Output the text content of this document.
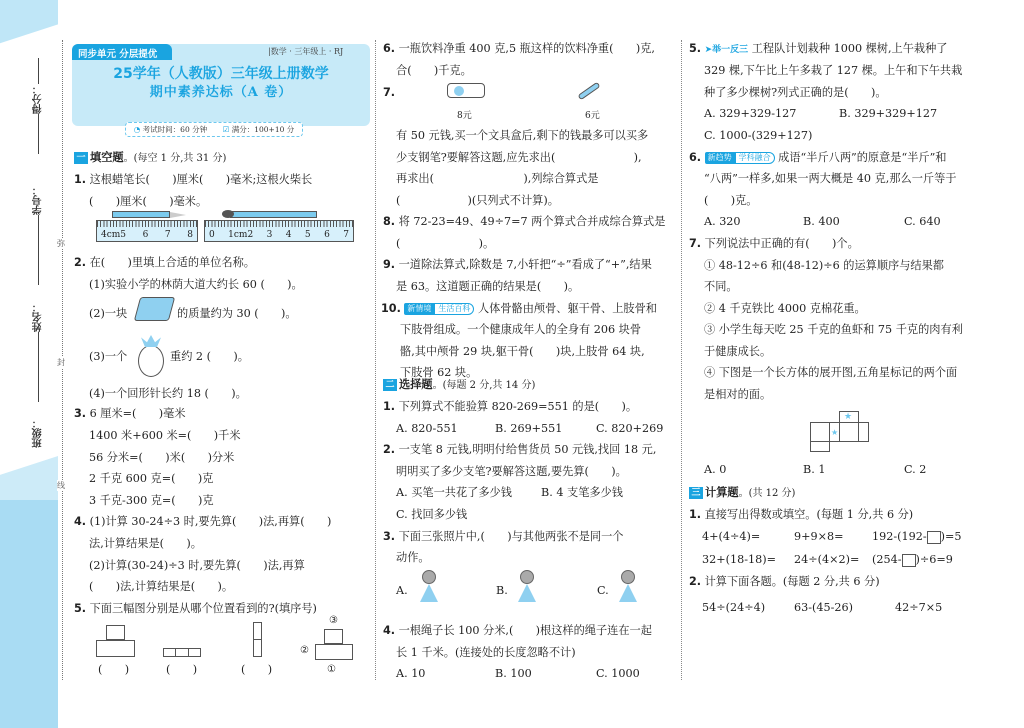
得分：
学号：
姓名：
班级：
弥
封
线
同步单元 分层提优	|数学 · 三年级上 · RJ
25学年（人教版）三年级上册数学
期中素养达标（A 卷）
◔ 考试时间：60 分钟 ☑ 满分：100+10 分
一 填空题。(每空 1 分,共 31 分)
1. 这根蜡笔长(　　)厘米(　　)毫米;这根火柴长
(　　)厘米(　　)毫米。
4cm5 6 7 8 0 1cm2 3 4 5 6 7
2. 在(　　)里填上合适的单位名称。
(1)实验小学的林荫大道大约长 60 (　　)。
(2)一块	的质量约为 30 (　　)。
(3)一个	重约 2 (　　)。
(4)一个回形针长约 18 (　　)。
3. 6 厘米=(　　)毫米
1400 米+600 米=(　　)千米
56 分米=(　　)米(　　)分米
2 千克 600 克=(　　)克
3 千克-300 克=(　　)克
4. (1)计算 30-24÷3 时,要先算(　　)法,再算(　　)
法,计算结果是(　　)。
(2)计算(30-24)÷3 时,要先算(　　)法,再算
(　　)法,计算结果是(　　)。
5. 下面三幅图分别是从哪个位置看到的?(填序号)
(　　)	(　　)	(　　)
③
②
①
6. 一瓶饮料净重 400 克,5 瓶这样的饮料净重(　　)克,
合(　　)千克。
7.
8元	6元
有 50 元钱,买一个文具盒后,剩下的钱最多可以买多
少支钢笔?要解答这题,应先求出(　　　　　　　),
再求出(　　　　　　　　),列综合算式是
(　　　　　　)(只列式不计算)。
8. 将 72-23=49、49÷7=7 两个算式合并成综合算式是
(　　　　　　　)。
9. 一道除法算式,除数是 7,小轩把“÷”看成了“+”,结果
是 63。这道题正确的结果是(　　)。
10. 新情境 生活百科 人体骨骼由颅骨、躯干骨、上肢骨和
下肢骨组成。一个健康成年人的全身有 206 块骨
骼,其中颅骨 29 块,躯干骨(　　)块,上肢骨 64 块,
下肢骨 62 块。
二 选择题。(每题 2 分,共 14 分)
1. 下列算式不能验算 820-269=551 的是(　　)。
A. 820-551	B. 269+551	C. 820+269
2. 一支笔 8 元钱,明明付给售货员 50 元钱,找回 18 元,
明明买了多少支笔?要解答这题,要先算(　　)。
A. 买笔一共花了多少钱	B. 4 支笔多少钱
C. 找回多少钱
3. 下面三张照片中,(　　)与其他两张不是同一个
动作。
A.	B.	C.
4. 一根绳子长 100 分米,(　　)根这样的绳子连在一起
长 1 千米。(连接处的长度忽略不计)
A. 10	B. 100	C. 1000
5. ➤举一反三 工程队计划栽种 1000 棵树,上午栽种了
329 棵,下午比上午多栽了 127 棵。上午和下午共栽
种了多少棵树?列式正确的是(　　)。
A. 329+329-127	B. 329+329+127
C. 1000-(329+127)
6. 新趋势 学科融合 成语“半斤八两”的原意是“半斤”和
“八两”一样多,如果一两大概是 40 克,那么一斤等于
(　　)克。
A. 320	B. 400	C. 640
7. 下列说法中正确的有(　　)个。
① 48-12÷6 和(48-12)÷6 的运算顺序与结果都
不同。
② 4 千克铁比 4000 克棉花重。
③ 小学生每天吃 25 千克的鱼虾和 75 千克的肉有利
于健康成长。
④ 下图是一个长方体的展开图,五角星标记的两个面
是相对的面。
★
★
A. 0	B. 1	C. 2
三 计算题。(共 12 分)
1. 直接写出得数或填空。(每题 1 分,共 6 分)
4+(4÷4)=	9+9×8=	192-(192- )=5
32+(18-18)= 24÷(4×2)= (254- )÷6=9
2. 计算下面各题。(每题 2 分,共 6 分)
54÷(24÷4)	63-(45-26)	42÷7×5
